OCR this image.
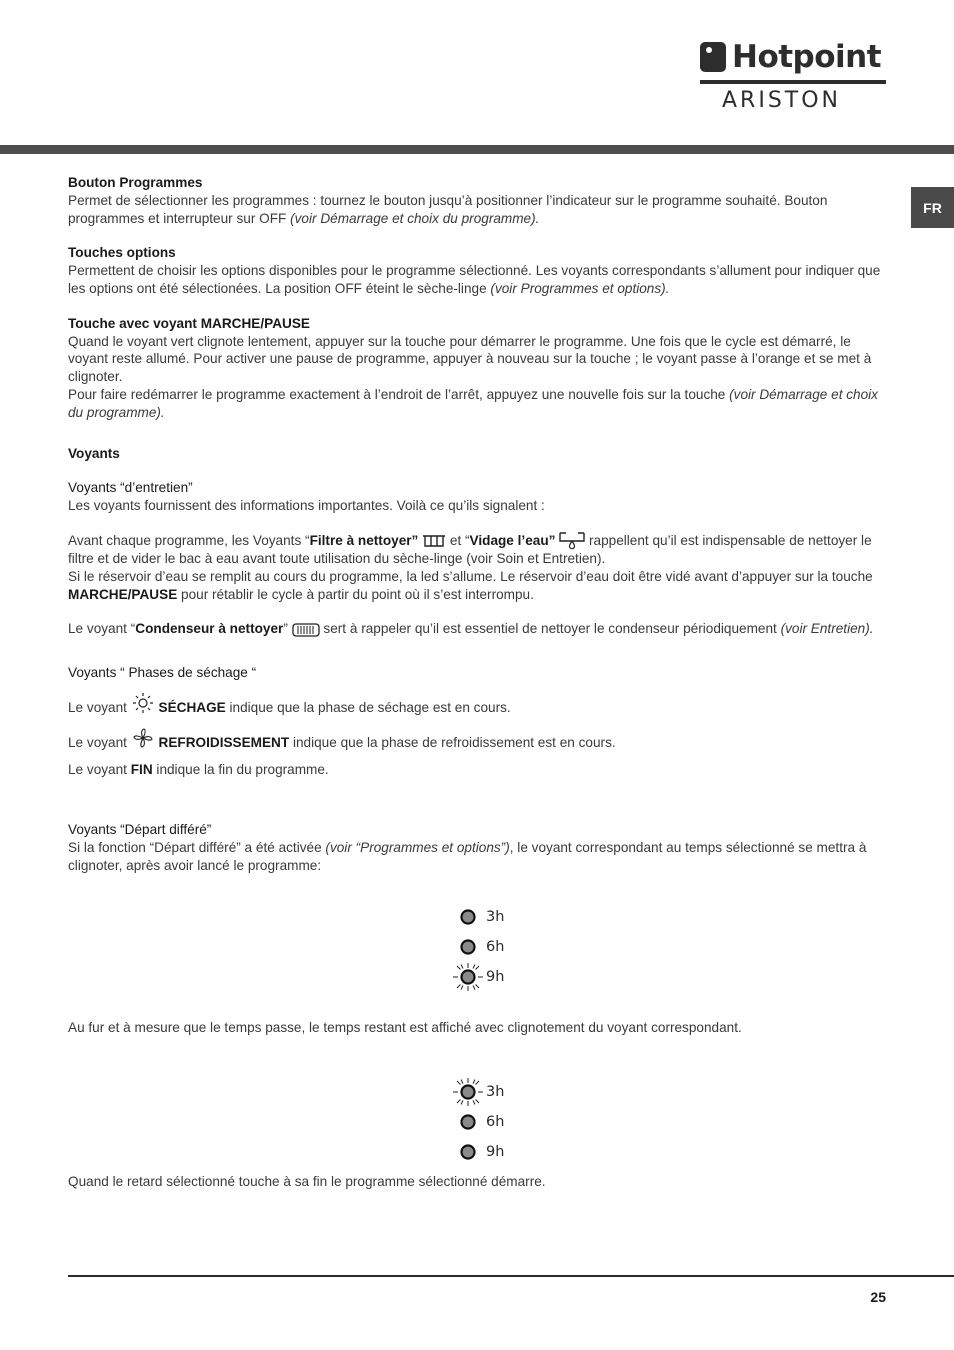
Hotpoint
ARISTON
FR

Bouton Programmes

Permet de sélectionner les programmes : tournez le bouton jusqu’à positionner l’indicateur sur le programme souhaité. Bouton programmes et interrupteur sur OFF (voir Démarrage et choix du programme).

Touches options

Permettent de choisir les options disponibles pour le programme sélectionné. Les voyants correspondants s’allument pour indiquer que les options ont été sélectionées. La position OFF éteint le sèche-linge (voir Programmes et options).

Touche avec voyant MARCHE/PAUSE

Quand le voyant vert clignote lentement, appuyer sur la touche pour démarrer le programme. Une fois que le cycle est démarré, le voyant reste allumé. Pour activer une pause de programme, appuyer à nouveau sur la touche ; le voyant passe à l’orange et se met à clignoter.

Pour faire redémarrer le programme exactement à l’endroit de l’arrêt, appuyez une nouvelle fois sur la touche (voir Démarrage et choix du programme).

Voyants

Voyants “d’entretien”

Les voyants fournissent des informations importantes. Voilà ce qu’ils signalent :

Avant chaque programme, les Voyants “Filtre à nettoyer”  et “Vidage l’eau”  rappellent qu’il est indispensable de nettoyer le filtre et de vider le bac à eau avant toute utilisation du sèche-linge (voir Soin et Entretien).

Si le réservoir d’eau se remplit au cours du programme, la led s’allume. Le réservoir d’eau doit être vidé avant d’appuyer sur la touche MARCHE/PAUSE pour rétablir le cycle à partir du point où il s’est interrompu.

Le voyant “Condenseur à nettoyer”  sert à rappeler qu’il est essentiel de nettoyer le condenseur périodiquement (voir Entretien).

Voyants “ Phases de séchage “

Le voyant  SÉCHAGE indique que la phase de séchage est en cours.

Le voyant  REFROIDISSEMENT indique que la phase de refroidissement est en cours.

Le voyant FIN indique la fin du programme.

Voyants “Départ différé”

Si la fonction “Départ différé” a été activée (voir “Programmes et options”), le voyant correspondant au temps sélectionné se mettra à clignoter, après avoir lancé le programme:

3h
6h
9h

Au fur et à mesure que le temps passe, le temps restant est affiché avec clignotement du voyant correspondant.

3h
6h
9h

Quand le retard sélectionné touche à sa fin le programme sélectionné démarre.

25
